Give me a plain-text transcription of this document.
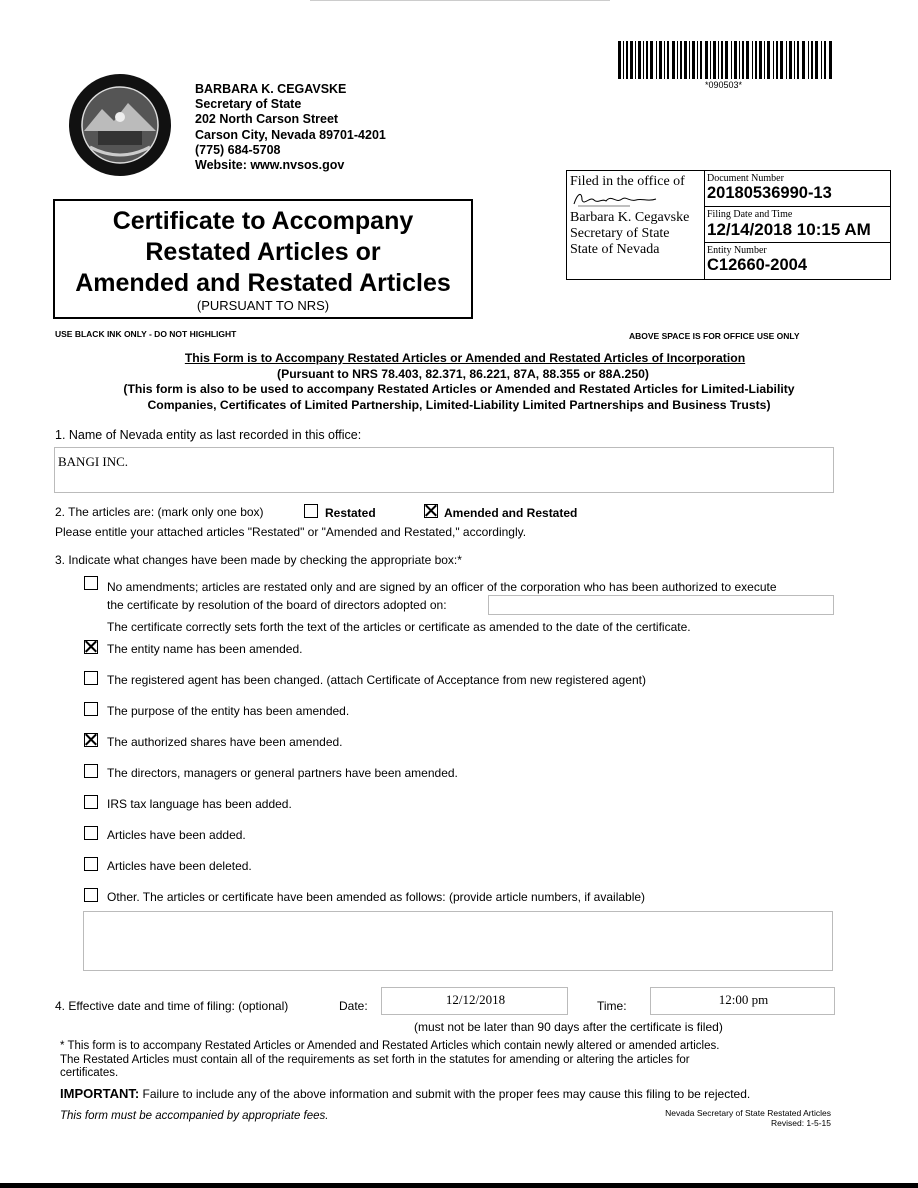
*090503*
BARBARA K. CEGAVSKE
Secretary of State
202 North Carson Street
Carson City, Nevada 89701-4201
(775) 684-5708
Website: www.nvsos.gov
Certificate to Accompany
Restated Articles or
Amended and Restated Articles
(PURSUANT TO NRS)
Filed in the office of
Barbara K. Cegavske
Secretary of State
State of Nevada
Document Number
20180536990-13
Filing Date and Time
12/14/2018 10:15 AM
Entity Number
C12660-2004
USE BLACK INK ONLY - DO NOT HIGHLIGHT	ABOVE SPACE IS FOR OFFICE USE ONLY
This Form is to Accompany Restated Articles or Amended and Restated Articles of Incorporation
(Pursuant to NRS 78.403, 82.371, 86.221, 87A, 88.355 or 88A.250)
(This form is also to be used to accompany Restated Articles or Amended and Restated Articles for Limited-Liability
Companies, Certificates of Limited Partnership, Limited-Liability Limited Partnerships and Business Trusts)
1. Name of Nevada entity as last recorded in this office:
BANGI INC.
2. The articles are: (mark only one box)	Restated	Amended and Restated
Please entitle your attached articles "Restated" or "Amended and Restated," accordingly.
3. Indicate what changes have been made by checking the appropriate box:*
No amendments; articles are restated only and are signed by an officer of the corporation who has been authorized to execute
the certificate by resolution of the board of directors adopted on:
The certificate correctly sets forth the text of the articles or certificate as amended to the date of the certificate.
The entity name has been amended.
The registered agent has been changed. (attach Certificate of Acceptance from new registered agent)
The purpose of the entity has been amended.
The authorized shares have been amended.
The directors, managers or general partners have been amended.
IRS tax language has been added.
Articles have been added.
Articles have been deleted.
Other. The articles or certificate have been amended as follows: (provide article numbers, if available)
4. Effective date and time of filing: (optional)	Date:	12/12/2018	Time:	12:00 pm
(must not be later than 90 days after the certificate is filed)
* This form is to accompany Restated Articles or Amended and Restated Articles which contain newly altered or amended articles.
The Restated Articles must contain all of the requirements as set forth in the statutes for amending or altering the articles for
certificates.
IMPORTANT: Failure to include any of the above information and submit with the proper fees may cause this filing to be rejected.
This form must be accompanied by appropriate fees.	Nevada Secretary of State Restated Articles
Revised: 1-5-15
